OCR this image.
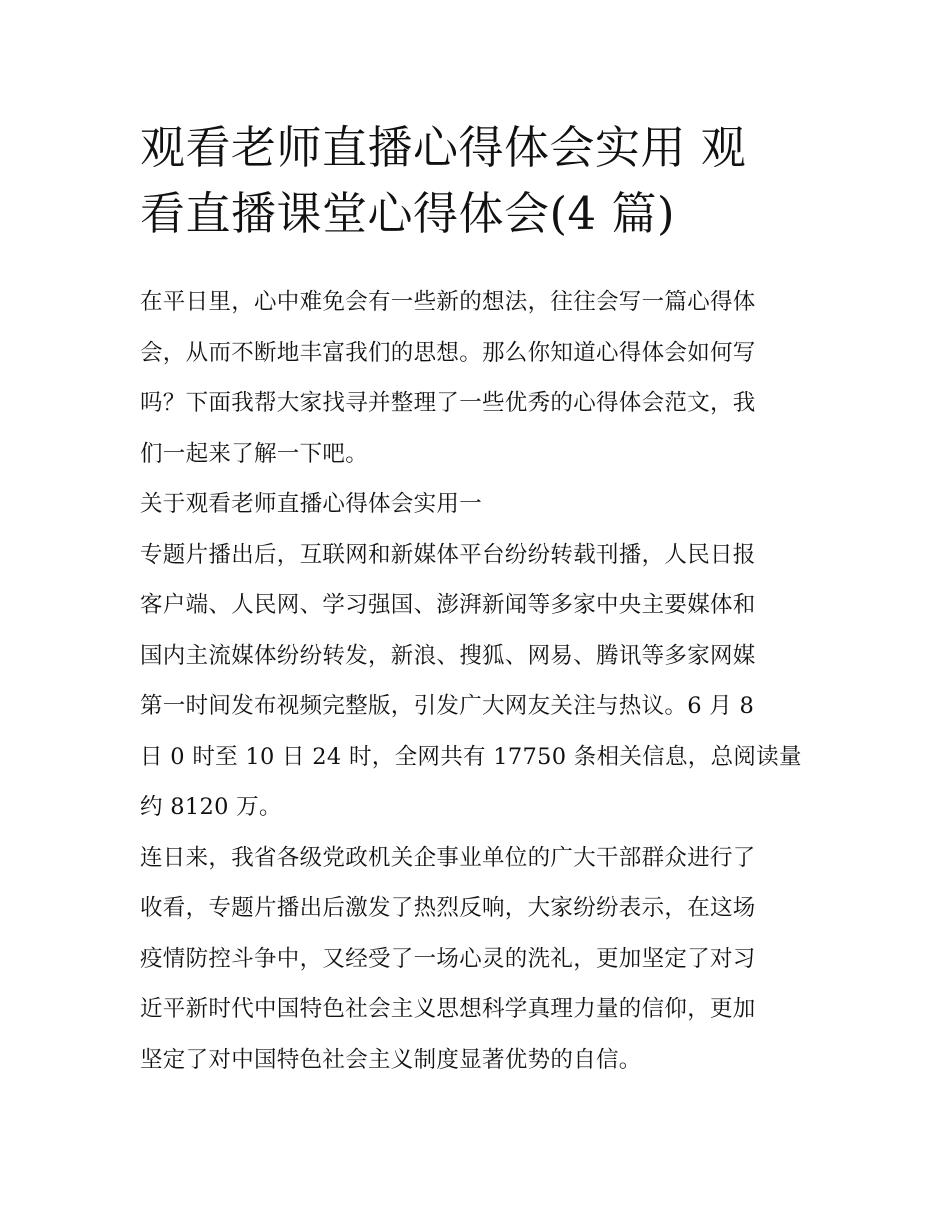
观看老师直播心得体会实用 观
看直播课堂心得体会(4 篇)
在平日里，心中难免会有一些新的想法，往往会写一篇心得体
会，从而不断地丰富我们的思想。那么你知道心得体会如何写
吗？下面我帮大家找寻并整理了一些优秀的心得体会范文，我
们一起来了解一下吧。
关于观看老师直播心得体会实用一
专题片播出后，互联网和新媒体平台纷纷转载刊播，人民日报
客户端、人民网、学习强国、澎湃新闻等多家中央主要媒体和
国内主流媒体纷纷转发，新浪、搜狐、网易、腾讯等多家网媒
第一时间发布视频完整版，引发广大网友关注与热议。6 月 8
日 0 时至 10 日 24 时，全网共有 17750 条相关信息，总阅读量
约 8120 万。
连日来，我省各级党政机关企事业单位的广大干部群众进行了
收看，专题片播出后激发了热烈反响，大家纷纷表示，在这场
疫情防控斗争中，又经受了一场心灵的洗礼，更加坚定了对习
近平新时代中国特色社会主义思想科学真理力量的信仰，更加
坚定了对中国特色社会主义制度显著优势的自信。
